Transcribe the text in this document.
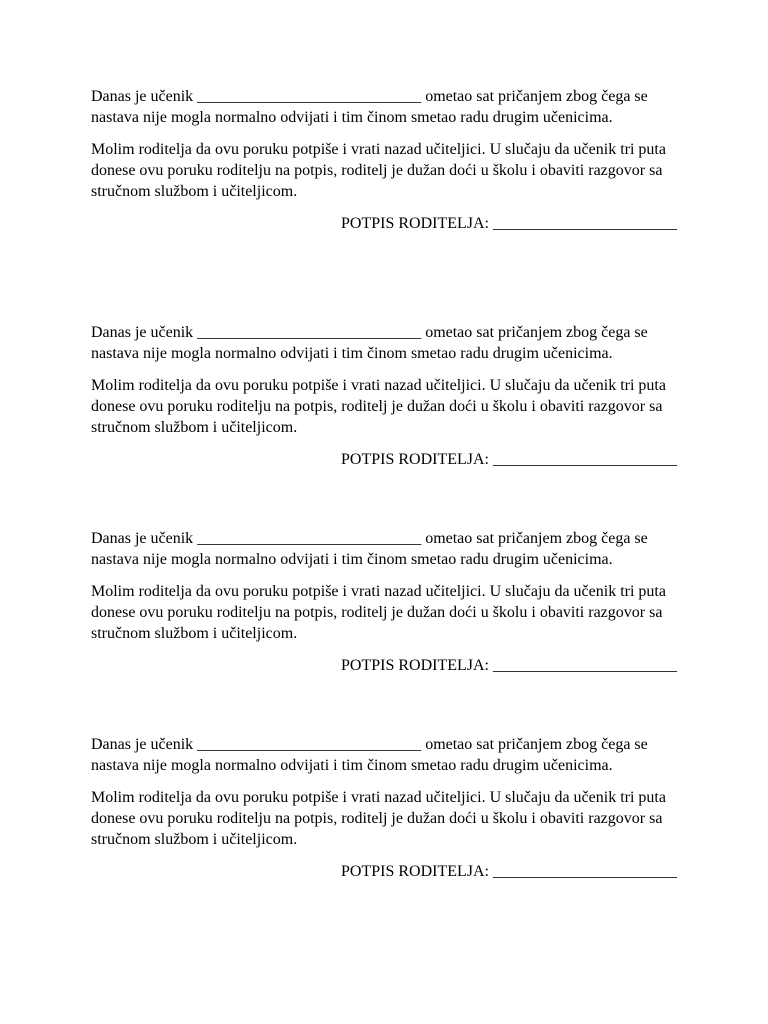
Danas je učenik ____________________________ ometao sat pričanjem zbog čega se nastava nije mogla normalno odvijati i tim činom smetao radu drugim učenicima.

Molim roditelja da ovu poruku potpiše i vrati nazad učiteljici. U slučaju da učenik tri puta donese ovu poruku roditelju na potpis, roditelj je dužan doći u školu i obaviti razgovor sa stručnom službom i učiteljicom.

POTPIS RODITELJA: _______________________

Danas je učenik ____________________________ ometao sat pričanjem zbog čega se nastava nije mogla normalno odvijati i tim činom smetao radu drugim učenicima.

Molim roditelja da ovu poruku potpiše i vrati nazad učiteljici. U slučaju da učenik tri puta donese ovu poruku roditelju na potpis, roditelj je dužan doći u školu i obaviti razgovor sa stručnom službom i učiteljicom.

POTPIS RODITELJA: _______________________

Danas je učenik ____________________________ ometao sat pričanjem zbog čega se nastava nije mogla normalno odvijati i tim činom smetao radu drugim učenicima.

Molim roditelja da ovu poruku potpiše i vrati nazad učiteljici. U slučaju da učenik tri puta donese ovu poruku roditelju na potpis, roditelj je dužan doći u školu i obaviti razgovor sa stručnom službom i učiteljicom.

POTPIS RODITELJA: _______________________

Danas je učenik ____________________________ ometao sat pričanjem zbog čega se nastava nije mogla normalno odvijati i tim činom smetao radu drugim učenicima.

Molim roditelja da ovu poruku potpiše i vrati nazad učiteljici. U slučaju da učenik tri puta donese ovu poruku roditelju na potpis, roditelj je dužan doći u školu i obaviti razgovor sa stručnom službom i učiteljicom.

POTPIS RODITELJA: _______________________
